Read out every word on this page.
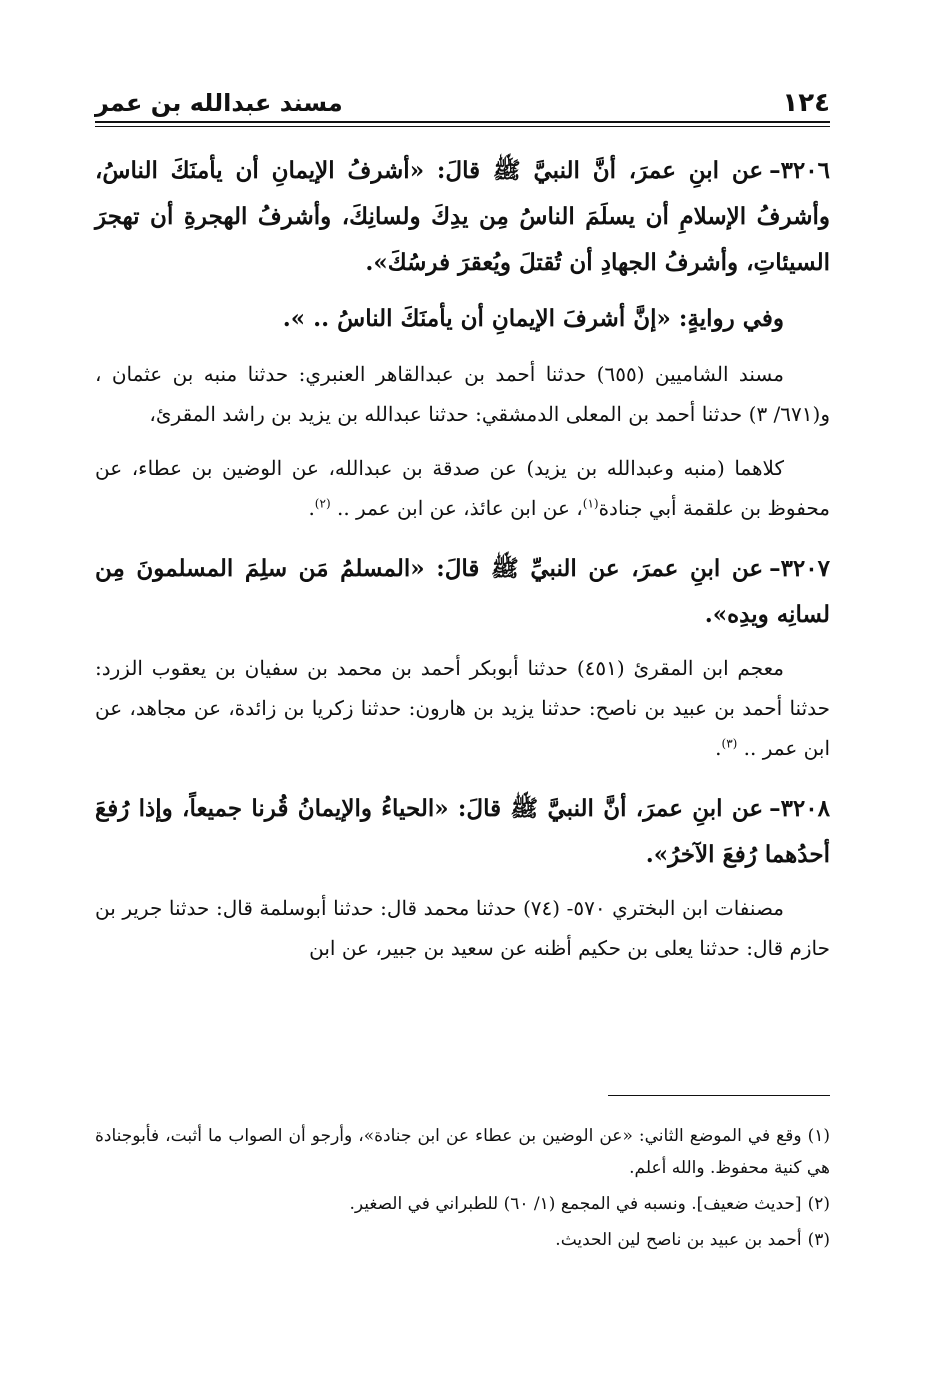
١٢٤
مسند عبدالله بن عمر

٣٢٠٦–عن ابنِ عمرَ، أنَّ النبيَّ ﷺ قالَ: «أشرفُ الإيمانِ أن يأمنَكَ الناسُ، وأشرفُ الإسلامِ أن يسلَمَ الناسُ مِن يدِكَ ولسانِكَ، وأشرفُ الهجرةِ أن تهجرَ السيئاتِ، وأشرفُ الجهادِ أن تُقتلَ ويُعقرَ فرسُكَ».

وفي روايةٍ: «إنَّ أشرفَ الإيمانِ أن يأمنَكَ الناسُ .. ».

مسند الشاميين (٦٥٥) حدثنا أحمد بن عبدالقاهر العنبري: حدثنا منبه بن عثمان ، و(٦٧١/ ٣) حدثنا أحمد بن المعلى الدمشقي: حدثنا عبدالله بن يزيد بن راشد المقرئ،

كلاهما (منبه وعبدالله بن يزيد) عن صدقة بن عبدالله، عن الوضين بن عطاء، عن محفوظ بن علقمة أبي جنادة$^{(١)}$، عن ابن عائذ، عن ابن عمر .. $^{(٢)}$.

٣٢٠٧–عن ابنِ عمرَ، عن النبيِّ ﷺ قالَ: «المسلمُ مَن سلِمَ المسلمونَ مِن لسانِه ويدِه».

معجم ابن المقرئ (٤٥١) حدثنا أبوبكر أحمد بن محمد بن سفيان بن يعقوب الزرد: حدثنا أحمد بن عبيد بن ناصح: حدثنا يزيد بن هارون: حدثنا زكريا بن زائدة، عن مجاهد، عن ابن عمر .. $^{(٣)}$.

٣٢٠٨–عن ابنِ عمرَ، أنَّ النبيَّ ﷺ قالَ: «الحياءُ والإيمانُ قُرنا جميعاً، وإذا رُفعَ أحدُهما رُفعَ الآخرُ».

مصنفات ابن البختري ٥٧٠- (٧٤) حدثنا محمد قال: حدثنا أبوسلمة قال: حدثنا جرير بن حازم قال: حدثنا يعلى بن حكيم أظنه عن سعيد بن جبير، عن ابن

(١)وقع في الموضع الثاني: «عن الوضين بن عطاء عن ابن جنادة»، وأرجو أن الصواب ما أثبت، فأبوجنادة هي كنية محفوظ. والله أعلم.

(٢)[حديث ضعيف]. ونسبه في المجمع (١/ ٦٠) للطبراني في الصغير.

(٣)أحمد بن عبيد بن ناصح لين الحديث.
